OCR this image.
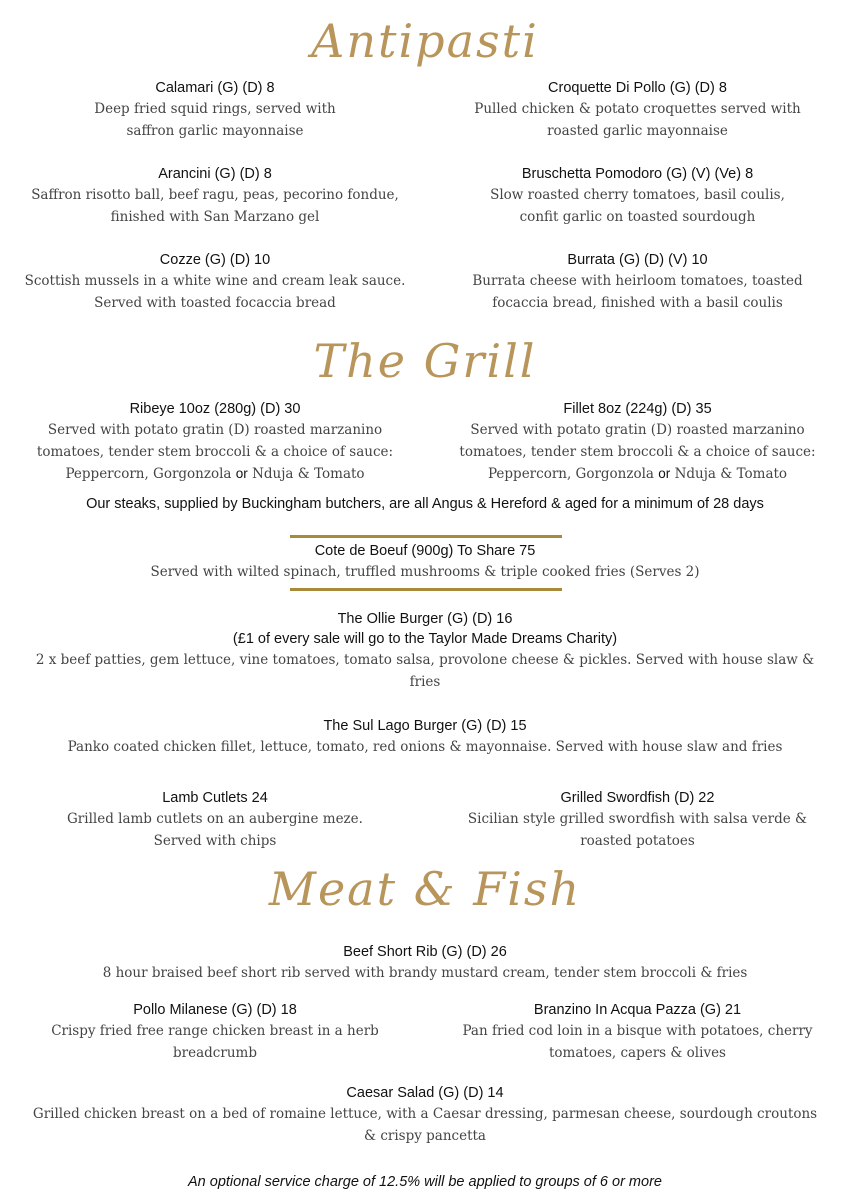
Antipasti
The Grill
Meat & Fish
Calamari (G) (D) 8
Deep fried squid rings, served with
saffron garlic mayonnaise
Croquette Di Pollo (G) (D) 8
Pulled chicken & potato croquettes served with
roasted garlic mayonnaise
Arancini (G) (D) 8
Saffron risotto ball, beef ragu, peas, pecorino fondue,
finished with San Marzano gel
Bruschetta Pomodoro (G) (V) (Ve) 8
Slow roasted cherry tomatoes, basil coulis,
confit garlic on toasted sourdough
Cozze (G) (D) 10
Scottish mussels in a white wine and cream leak sauce.
Served with toasted focaccia bread
Burrata (G) (D) (V) 10
Burrata cheese with heirloom tomatoes, toasted
focaccia bread, finished with a basil coulis
Ribeye 10oz (280g) (D) 30
Served with potato gratin (D) roasted marzanino
tomatoes, tender stem broccoli & a choice of sauce:
Peppercorn, Gorgonzola or Nduja & Tomato
Fillet 8oz (224g) (D) 35
Served with potato gratin (D) roasted marzanino
tomatoes, tender stem broccoli & a choice of sauce:
Peppercorn, Gorgonzola or Nduja & Tomato
Our steaks, supplied by Buckingham butchers, are all Angus & Hereford & aged for a minimum of 28 days
Cote de Boeuf (900g) To Share 75
Served with wilted spinach, truffled mushrooms & triple cooked fries (Serves 2)
The Ollie Burger (G) (D) 16
(£1 of every sale will go to the Taylor Made Dreams Charity)
2 x beef patties, gem lettuce, vine tomatoes, tomato salsa, provolone cheese & pickles. Served with house slaw &
fries
The Sul Lago Burger (G) (D) 15
Panko coated chicken fillet, lettuce, tomato, red onions & mayonnaise. Served with house slaw and fries
Lamb Cutlets 24
Grilled lamb cutlets on an aubergine meze.
Served with chips
Grilled Swordfish (D) 22
Sicilian style grilled swordfish with salsa verde &
roasted potatoes
Beef Short Rib (G) (D) 26
8 hour braised beef short rib served with brandy mustard cream, tender stem broccoli & fries
Pollo Milanese (G) (D) 18
Crispy fried free range chicken breast in a herb
breadcrumb
Branzino In Acqua Pazza (G) 21
Pan fried cod loin in a bisque with potatoes, cherry
tomatoes, capers & olives
Caesar Salad (G) (D) 14
Grilled chicken breast on a bed of romaine lettuce, with a Caesar dressing, parmesan cheese, sourdough croutons
& crispy pancetta
An optional service charge of 12.5% will be applied to groups of 6 or more
